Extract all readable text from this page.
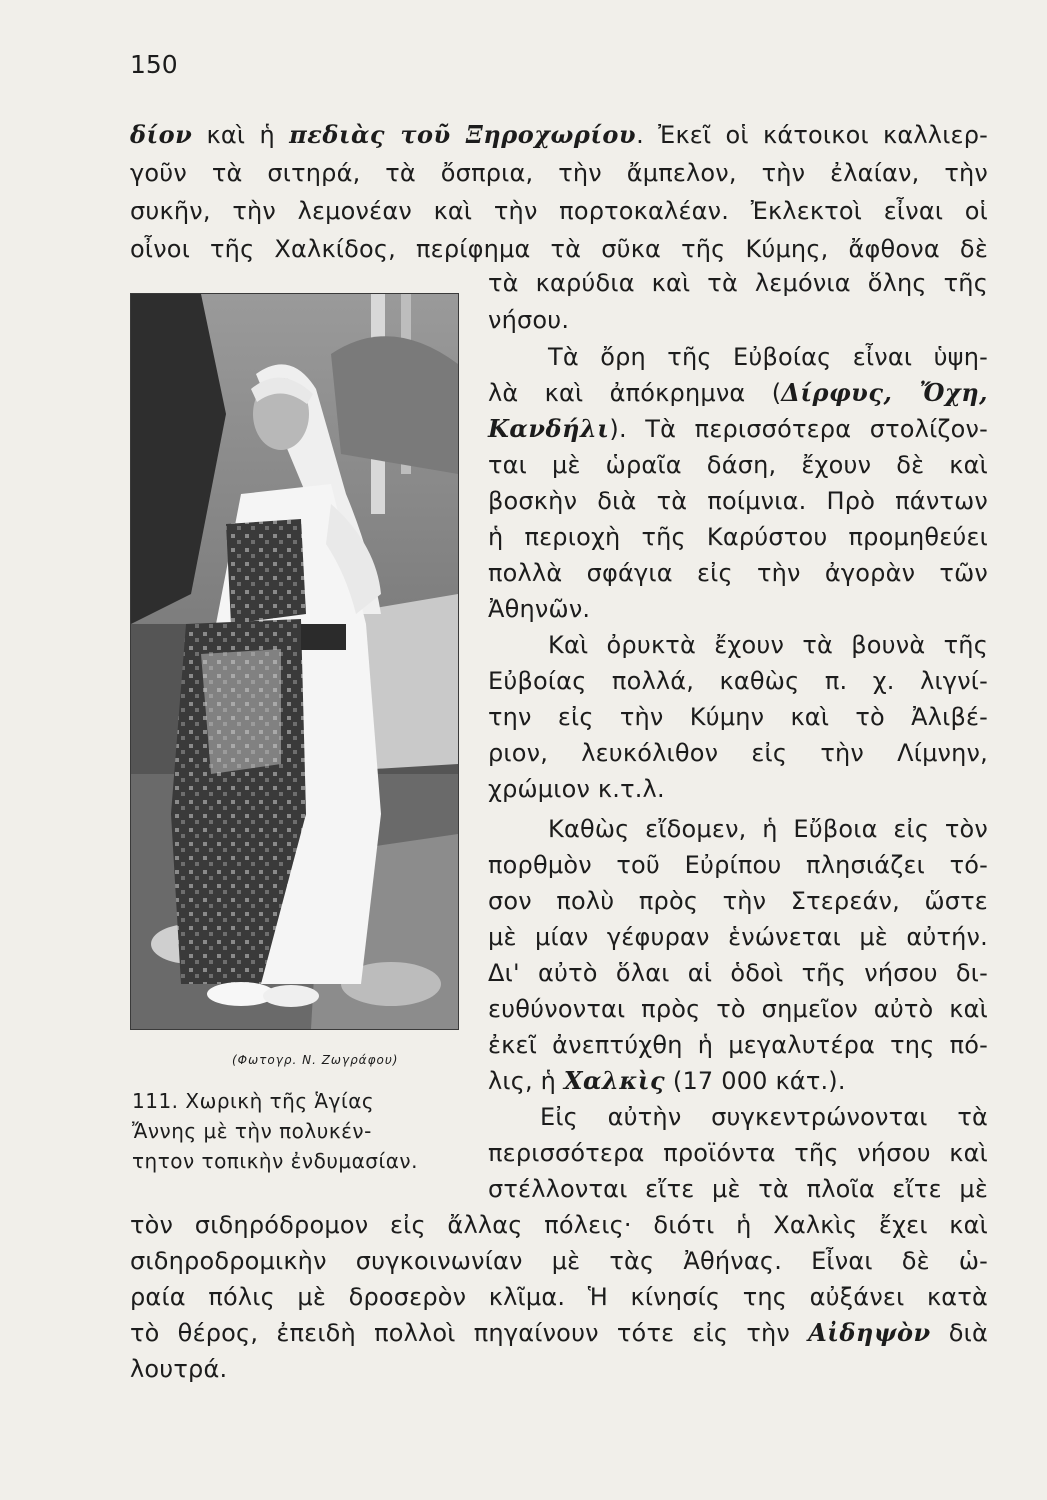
150

δίον καὶ ἡ πεδιὰς τοῦ Ξηροχωρίου. Ἐκεῖ οἱ κάτοικοι καλλιερ-

γοῦν τὰ σιτηρά, τὰ ὄσπρια, τὴν ἄμπελον, τὴν ἐλαίαν, τὴν

συκῆν, τὴν λεμονέαν καὶ τὴν πορτοκαλέαν. Ἐκλεκτοὶ εἶναι οἱ

οἶνοι τῆς Χαλκίδος, περίφημα τὰ σῦκα τῆς Κύμης, ἄφθονα δὲ

τὰ καρύδια καὶ τὰ λεμόνια ὅλης τῆς

νήσου.

(Φωτογρ. Ν. Ζωγράφου)
111. Χωρικὴ τῆς Ἁγίας
Ἄννης μὲ τὴν πολυκέν-
τητον τοπικὴν ἐνδυμασίαν.

Τὰ ὄρη τῆς Εὐβοίας εἶναι ὑψη-

λὰ καὶ ἀπόκρημνα (Δίρφυς, Ὄχη,

Κανδήλι). Τὰ περισσότερα στολίζον-

ται μὲ ὡραῖα δάση, ἔχουν δὲ καὶ

βοσκὴν διὰ τὰ ποίμνια. Πρὸ πάντων

ἡ περιοχὴ τῆς Καρύστου προμηθεύει

πολλὰ σφάγια εἰς τὴν ἀγορὰν τῶν

Ἀθηνῶν.

Καὶ ὀρυκτὰ ἔχουν τὰ βουνὰ τῆς

Εὐβοίας πολλά, καθὼς π. χ. λιγνί-

την εἰς τὴν Κύμην καὶ τὸ Ἀλιβέ-

ριον, λευκόλιθον εἰς τὴν Λίμνην,

χρώμιον κ.τ.λ.

Καθὼς εἴδομεν, ἡ Εὔβοια εἰς τὸν

πορθμὸν τοῦ Εὐρίπου πλησιάζει τό-

σον πολὺ πρὸς τὴν Στερεάν, ὥστε

μὲ μίαν γέφυραν ἑνώνεται μὲ αὐτήν.

Δι' αὐτὸ ὅλαι αἱ ὁδοὶ τῆς νήσου δι-

ευθύνονται πρὸς τὸ σημεῖον αὐτὸ καὶ

ἐκεῖ ἀνεπτύχθη ἡ μεγαλυτέρα της πό-

λις, ἡ Χαλκὶς (17 000 κάτ.).

Εἰς αὐτὴν συγκεντρώνονται τὰ

περισσότερα προϊόντα τῆς νήσου καὶ

στέλλονται εἴτε μὲ τὰ πλοῖα εἴτε μὲ

τὸν σιδηρόδρομον εἰς ἄλλας πόλεις· διότι ἡ Χαλκὶς ἔχει καὶ

σιδηροδρομικὴν συγκοινωνίαν μὲ τὰς Ἀθήνας. Εἶναι δὲ ὡ-

ραία πόλις μὲ δροσερὸν κλῖμα. Ἡ κίνησίς της αὐξάνει κατὰ

τὸ θέρος, ἐπειδὴ πολλοὶ πηγαίνουν τότε εἰς τὴν Αἰδηψὸν διὰ

λουτρά.
